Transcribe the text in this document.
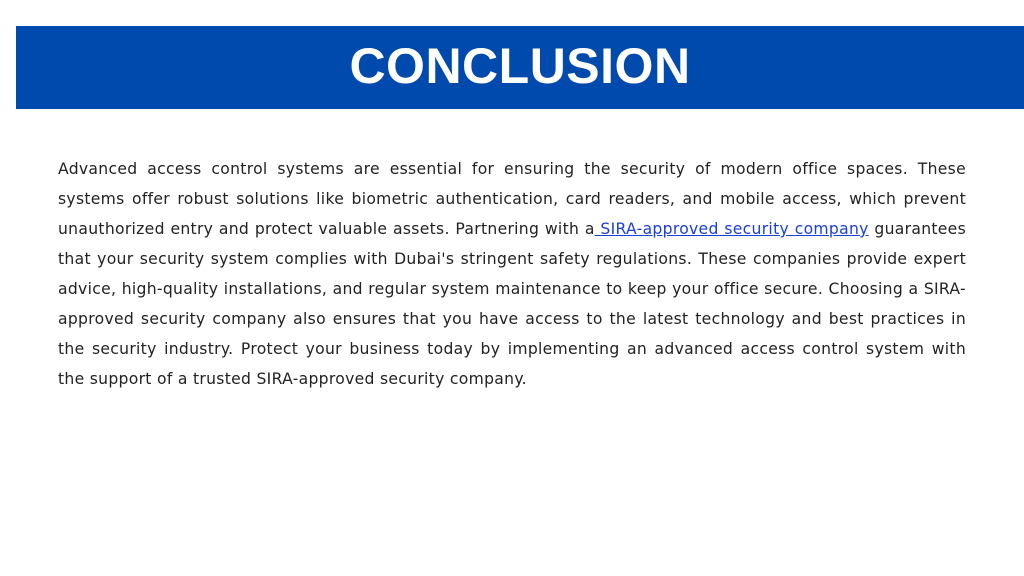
CONCLUSION

Advanced access control systems are essential for ensuring the security of modern office spaces. These systems offer robust solutions like biometric authentication, card readers, and mobile access, which prevent unauthorized entry and protect valuable assets. Partnering with a SIRA-approved security company guarantees that your security system complies with Dubai's stringent safety regulations. These companies provide expert advice, high-quality installations, and regular system maintenance to keep your office secure. Choosing a SIRA-approved security company also ensures that you have access to the latest technology and best practices in the security industry. Protect your business today by implementing an advanced access control system with the support of a trusted SIRA-approved security company.
